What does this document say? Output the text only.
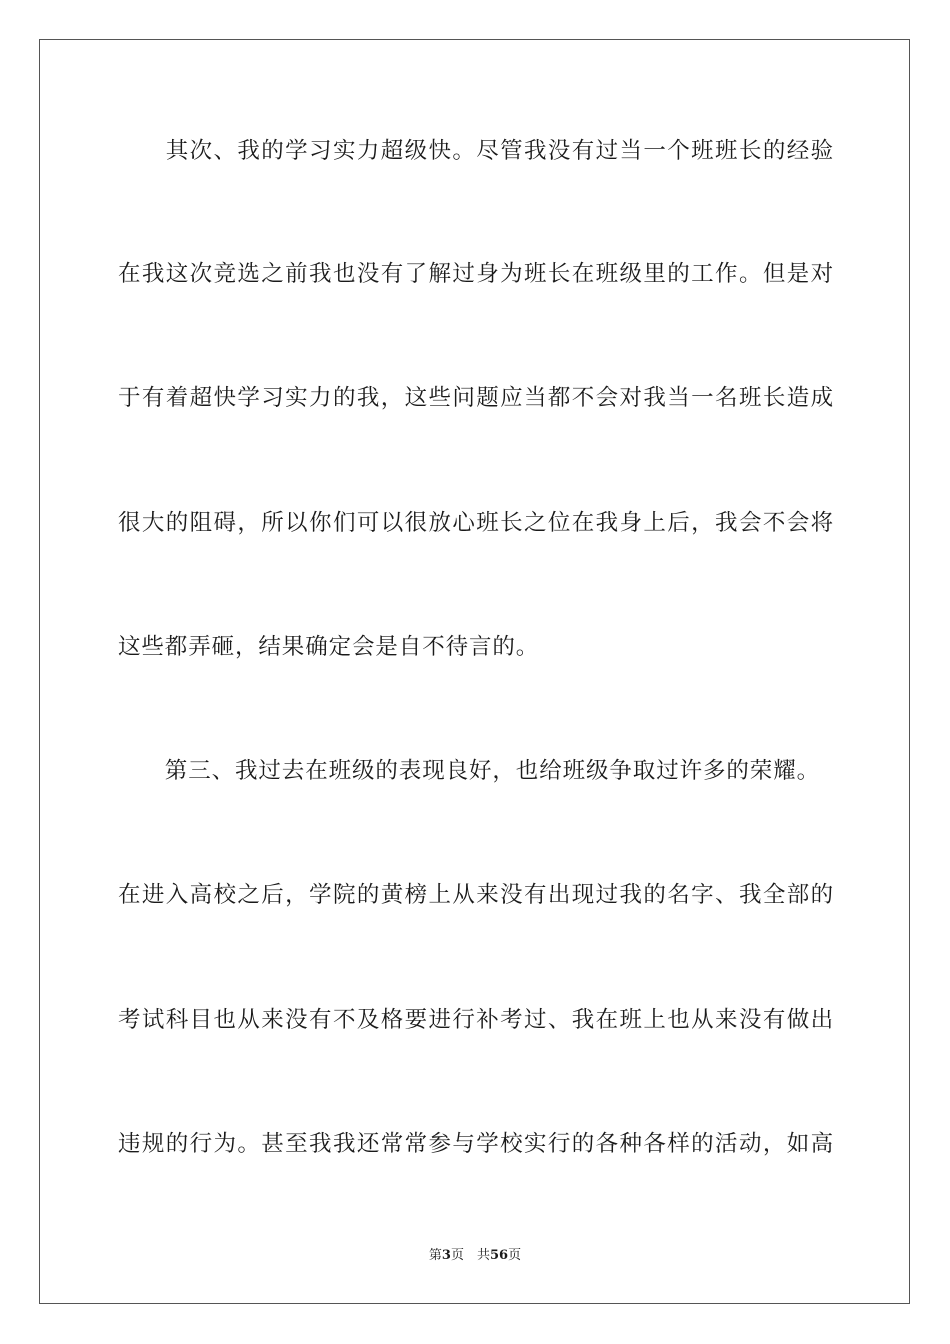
　　其次、我的学习实力超级快。尽管我没有过当一个班班长的经验
在我这次竞选之前我也没有了解过身为班长在班级里的工作。但是对
于有着超快学习实力的我，这些问题应当都不会对我当一名班长造成
很大的阻碍，所以你们可以很放心班长之位在我身上后，我会不会将
这些都弄砸，结果确定会是自不待言的。
　　第三、我过去在班级的表现良好，也给班级争取过许多的荣耀。
在进入高校之后，学院的黄榜上从来没有出现过我的名字、我全部的
考试科目也从来没有不及格要进行补考过、我在班上也从来没有做出
违规的行为。甚至我我还常常参与学校实行的各种各样的活动，如高
第3页　共56页
